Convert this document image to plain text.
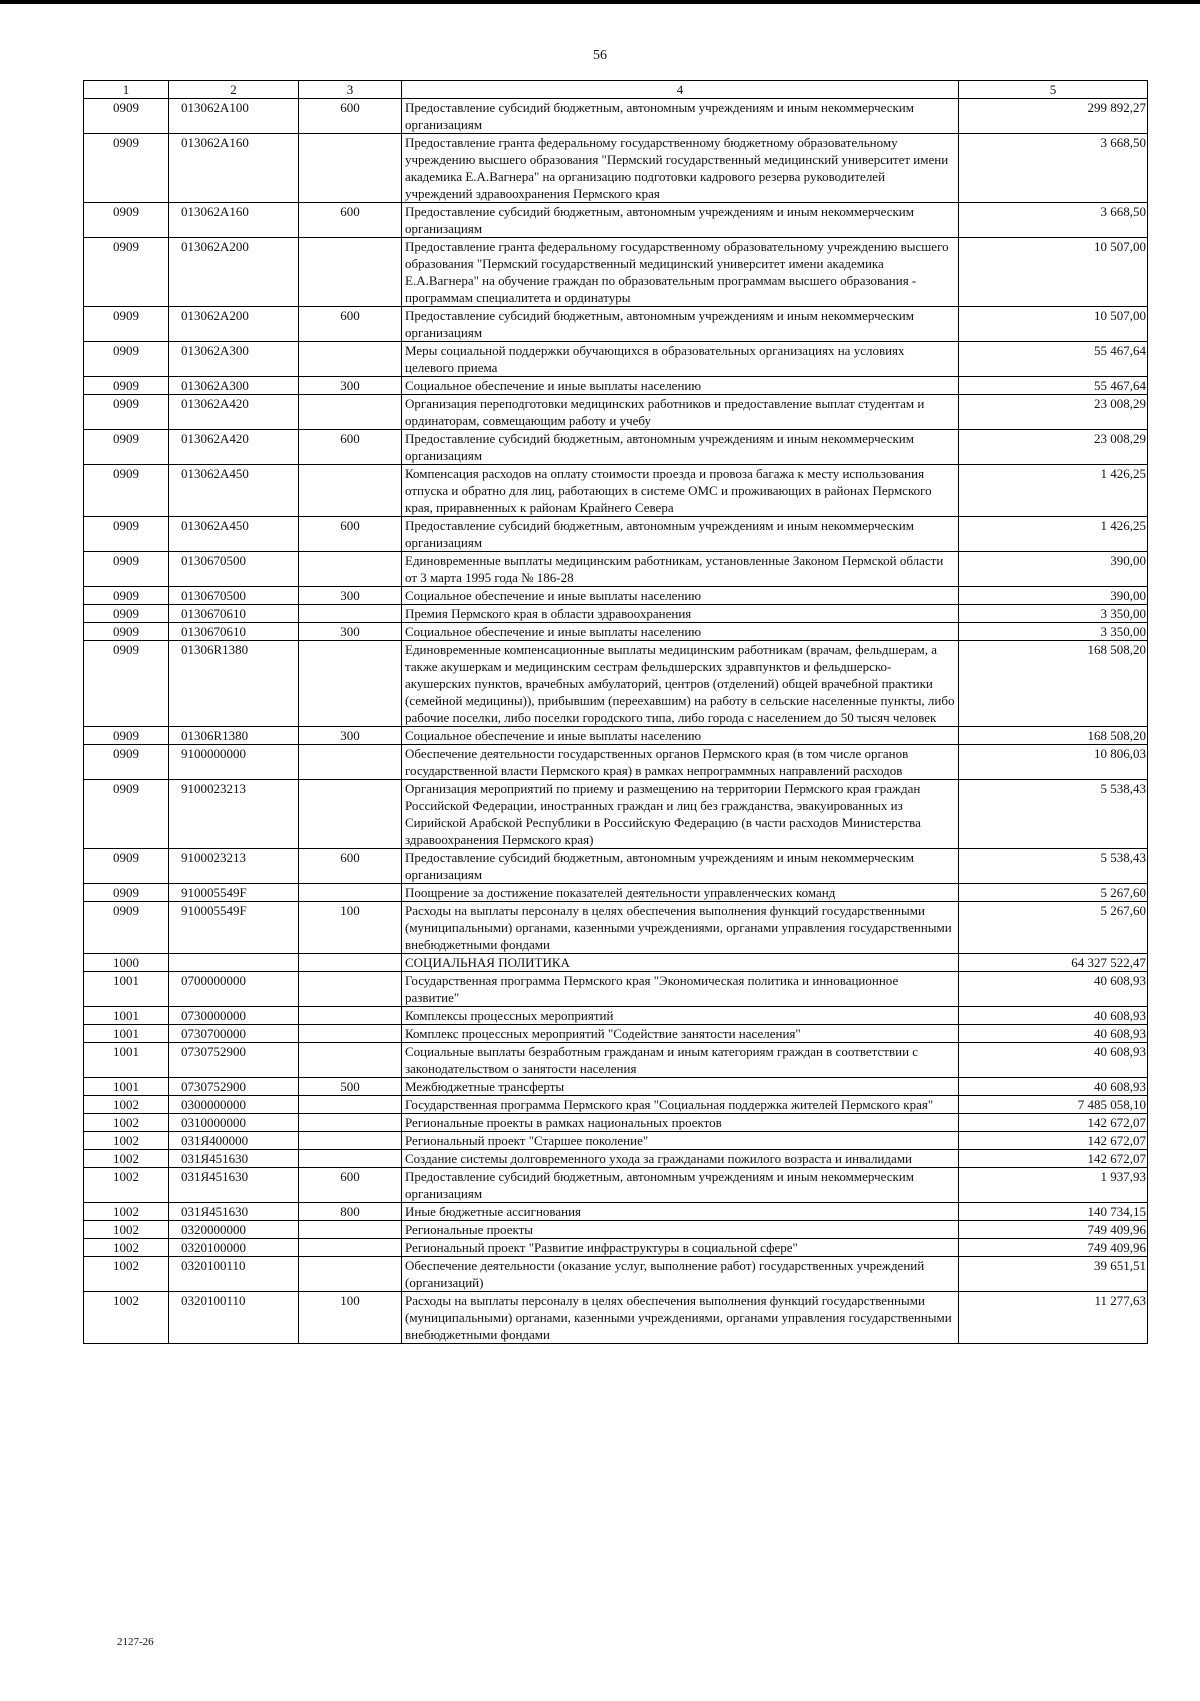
56
1	2	3	4	5
0909	013062А100	600	Предоставление субсидий бюджетным, автономным учреждениям и иным некоммерческим организациям	299 892,27
0909	013062А160		Предоставление гранта федеральному государственному бюджетному образовательному учреждению высшего образования "Пермский государственный медицинский университет имени академика Е.А.Вагнера" на организацию подготовки кадрового резерва руководителей учреждений здравоохранения Пермского края	3 668,50
0909	013062А160	600	Предоставление субсидий бюджетным, автономным учреждениям и иным некоммерческим организациям	3 668,50
0909	013062А200		Предоставление гранта федеральному государственному образовательному учреждению высшего образования "Пермский государственный медицинский университет имени академика Е.А.Вагнера" на обучение граждан по образовательным программам высшего образования - программам специалитета и ординатуры	10 507,00
0909	013062А200	600	Предоставление субсидий бюджетным, автономным учреждениям и иным некоммерческим организациям	10 507,00
0909	013062А300		Меры социальной поддержки обучающихся в образовательных организациях на условиях целевого приема	55 467,64
0909	013062А300	300	Социальное обеспечение и иные выплаты населению	55 467,64
0909	013062А420		Организация переподготовки медицинских работников и предоставление выплат студентам и ординаторам, совмещающим работу и учебу	23 008,29
0909	013062А420	600	Предоставление субсидий бюджетным, автономным учреждениям и иным некоммерческим организациям	23 008,29
0909	013062А450		Компенсация расходов на оплату стоимости проезда и провоза багажа к месту использования отпуска и обратно для лиц, работающих в системе ОМС и проживающих в районах Пермского края, приравненных к районам Крайнего Севера	1 426,25
0909	013062А450	600	Предоставление субсидий бюджетным, автономным учреждениям и иным некоммерческим организациям	1 426,25
0909	0130670500		Единовременные выплаты медицинским работникам, установленные Законом Пермской области от 3 марта 1995 года № 186-28	390,00
0909	0130670500	300	Социальное обеспечение и иные выплаты населению	390,00
0909	0130670610		Премия Пермского края в области здравоохранения	3 350,00
0909	0130670610	300	Социальное обеспечение и иные выплаты населению	3 350,00
0909	01306R1380		Единовременные компенсационные выплаты медицинским работникам (врачам, фельдшерам, а также акушеркам и медицинским сестрам фельдшерских здравпунктов и фельдшерско-акушерских пунктов, врачебных амбулаторий, центров (отделений) общей врачебной практики (семейной медицины)), прибывшим (переехавшим) на работу в сельские населенные пункты, либо рабочие поселки, либо поселки городского типа, либо города с населением до 50 тысяч человек	168 508,20
0909	01306R1380	300	Социальное обеспечение и иные выплаты населению	168 508,20
0909	9100000000		Обеспечение деятельности государственных органов Пермского края (в том числе органов государственной власти Пермского края) в рамках непрограммных направлений расходов	10 806,03
0909	9100023213		Организация мероприятий по приему и размещению на территории Пермского края граждан Российской Федерации, иностранных граждан и лиц без гражданства, эвакуированных из Сирийской Арабской Республики в Российскую Федерацию (в части расходов Министерства здравоохранения Пермского края)	5 538,43
0909	9100023213	600	Предоставление субсидий бюджетным, автономным учреждениям и иным некоммерческим организациям	5 538,43
0909	910005549F		Поощрение за достижение показателей деятельности управленческих команд	5 267,60
0909	910005549F	100	Расходы на выплаты персоналу в целях обеспечения выполнения функций государственными (муниципальными) органами, казенными учреждениями, органами управления государственными внебюджетными фондами	5 267,60
1000			СОЦИАЛЬНАЯ ПОЛИТИКА	64 327 522,47
1001	0700000000		Государственная программа Пермского края "Экономическая политика и инновационное развитие"	40 608,93
1001	0730000000		Комплексы процессных мероприятий	40 608,93
1001	0730700000		Комплекс процессных мероприятий "Содействие занятости населения"	40 608,93
1001	0730752900		Социальные выплаты безработным гражданам и иным категориям граждан в соответствии с законодательством о занятости населения	40 608,93
1001	0730752900	500	Межбюджетные трансферты	40 608,93
1002	0300000000		Государственная программа Пермского края "Социальная поддержка жителей Пермского края"	7 485 058,10
1002	0310000000		Региональные проекты в рамках национальных проектов	142 672,07
1002	031Я400000		Региональный проект "Старшее поколение"	142 672,07
1002	031Я451630		Создание системы долговременного ухода за гражданами пожилого возраста и инвалидами	142 672,07
1002	031Я451630	600	Предоставление субсидий бюджетным, автономным учреждениям и иным некоммерческим организациям	1 937,93
1002	031Я451630	800	Иные бюджетные ассигнования	140 734,15
1002	0320000000		Региональные проекты	749 409,96
1002	0320100000		Региональный проект "Развитие инфраструктуры в социальной сфере"	749 409,96
1002	0320100110		Обеспечение деятельности (оказание услуг, выполнение работ) государственных учреждений (организаций)	39 651,51
1002	0320100110	100	Расходы на выплаты персоналу в целях обеспечения выполнения функций государственными (муниципальными) органами, казенными учреждениями, органами управления государственными внебюджетными фондами	11 277,63
2127-26
